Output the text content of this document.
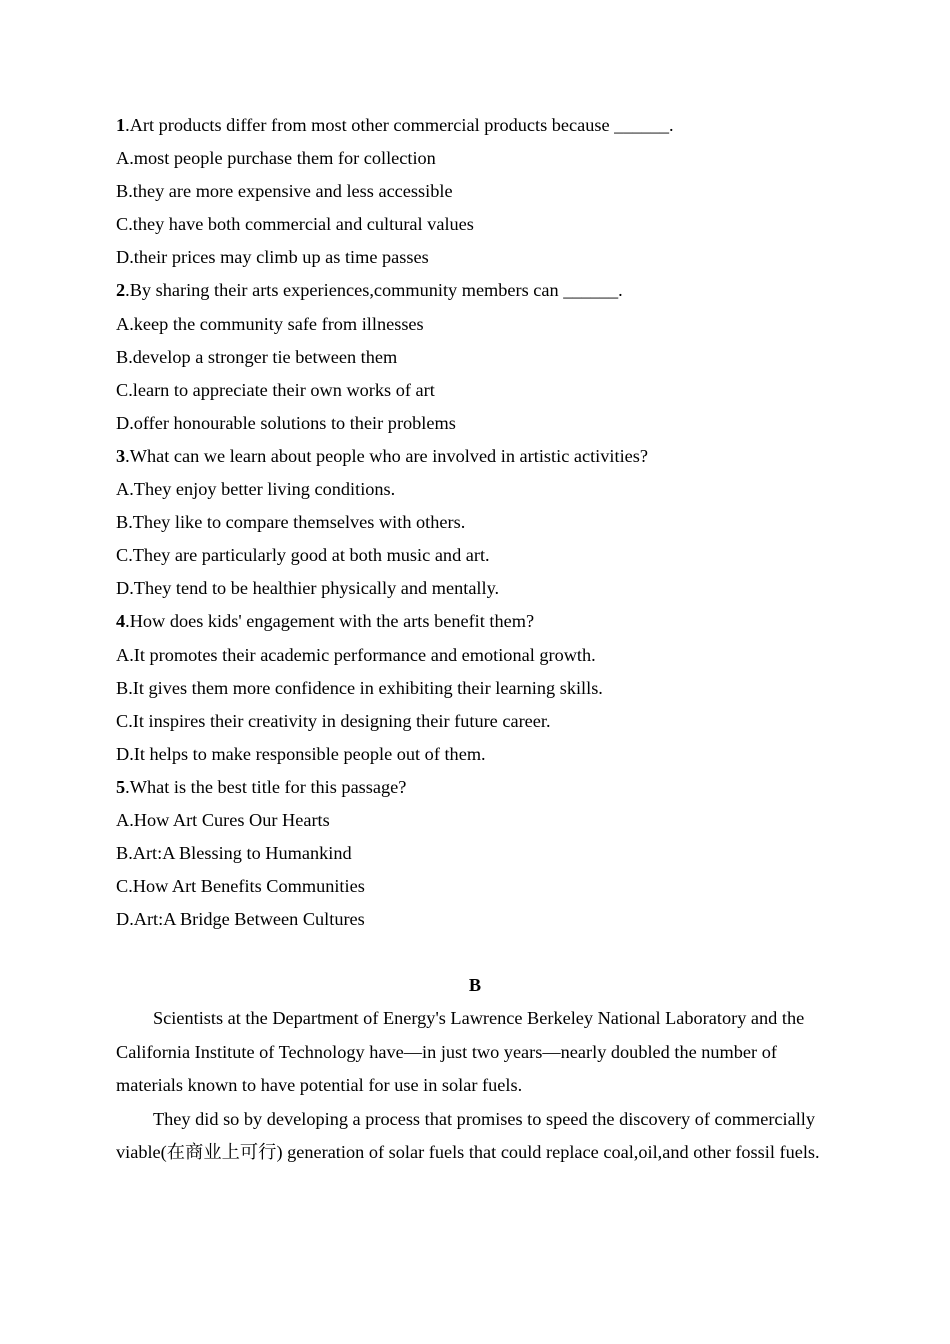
1.Art products differ from most other commercial products because ______.
A.most people purchase them for collection
B.they are more expensive and less accessible
C.they have both commercial and cultural values
D.their prices may climb up as time passes
2.By sharing their arts experiences,community members can ______.
A.keep the community safe from illnesses
B.develop a stronger tie between them
C.learn to appreciate their own works of art
D.offer honourable solutions to their problems
3.What can we learn about people who are involved in artistic activities?
A.They enjoy better living conditions.
B.They like to compare themselves with others.
C.They are particularly good at both music and art.
D.They tend to be healthier physically and mentally.
4.How does kids' engagement with the arts benefit them?
A.It promotes their academic performance and emotional growth.
B.It gives them more confidence in exhibiting their learning skills.
C.It inspires their creativity in designing their future career.
D.It helps to make responsible people out of them.
5.What is the best title for this passage?
A.How Art Cures Our Hearts
B.Art:A Blessing to Humankind
C.How Art Benefits Communities
D.Art:A Bridge Between Cultures
B

Scientists at the Department of Energy's Lawrence Berkeley National Laboratory and the California Institute of Technology have—in just two years—nearly doubled the number of materials known to have potential for use in solar fuels.

They did so by developing a process that promises to speed the discovery of commercially viable(在商业上可行) generation of solar fuels that could replace coal,oil,and other fossil fuels.
